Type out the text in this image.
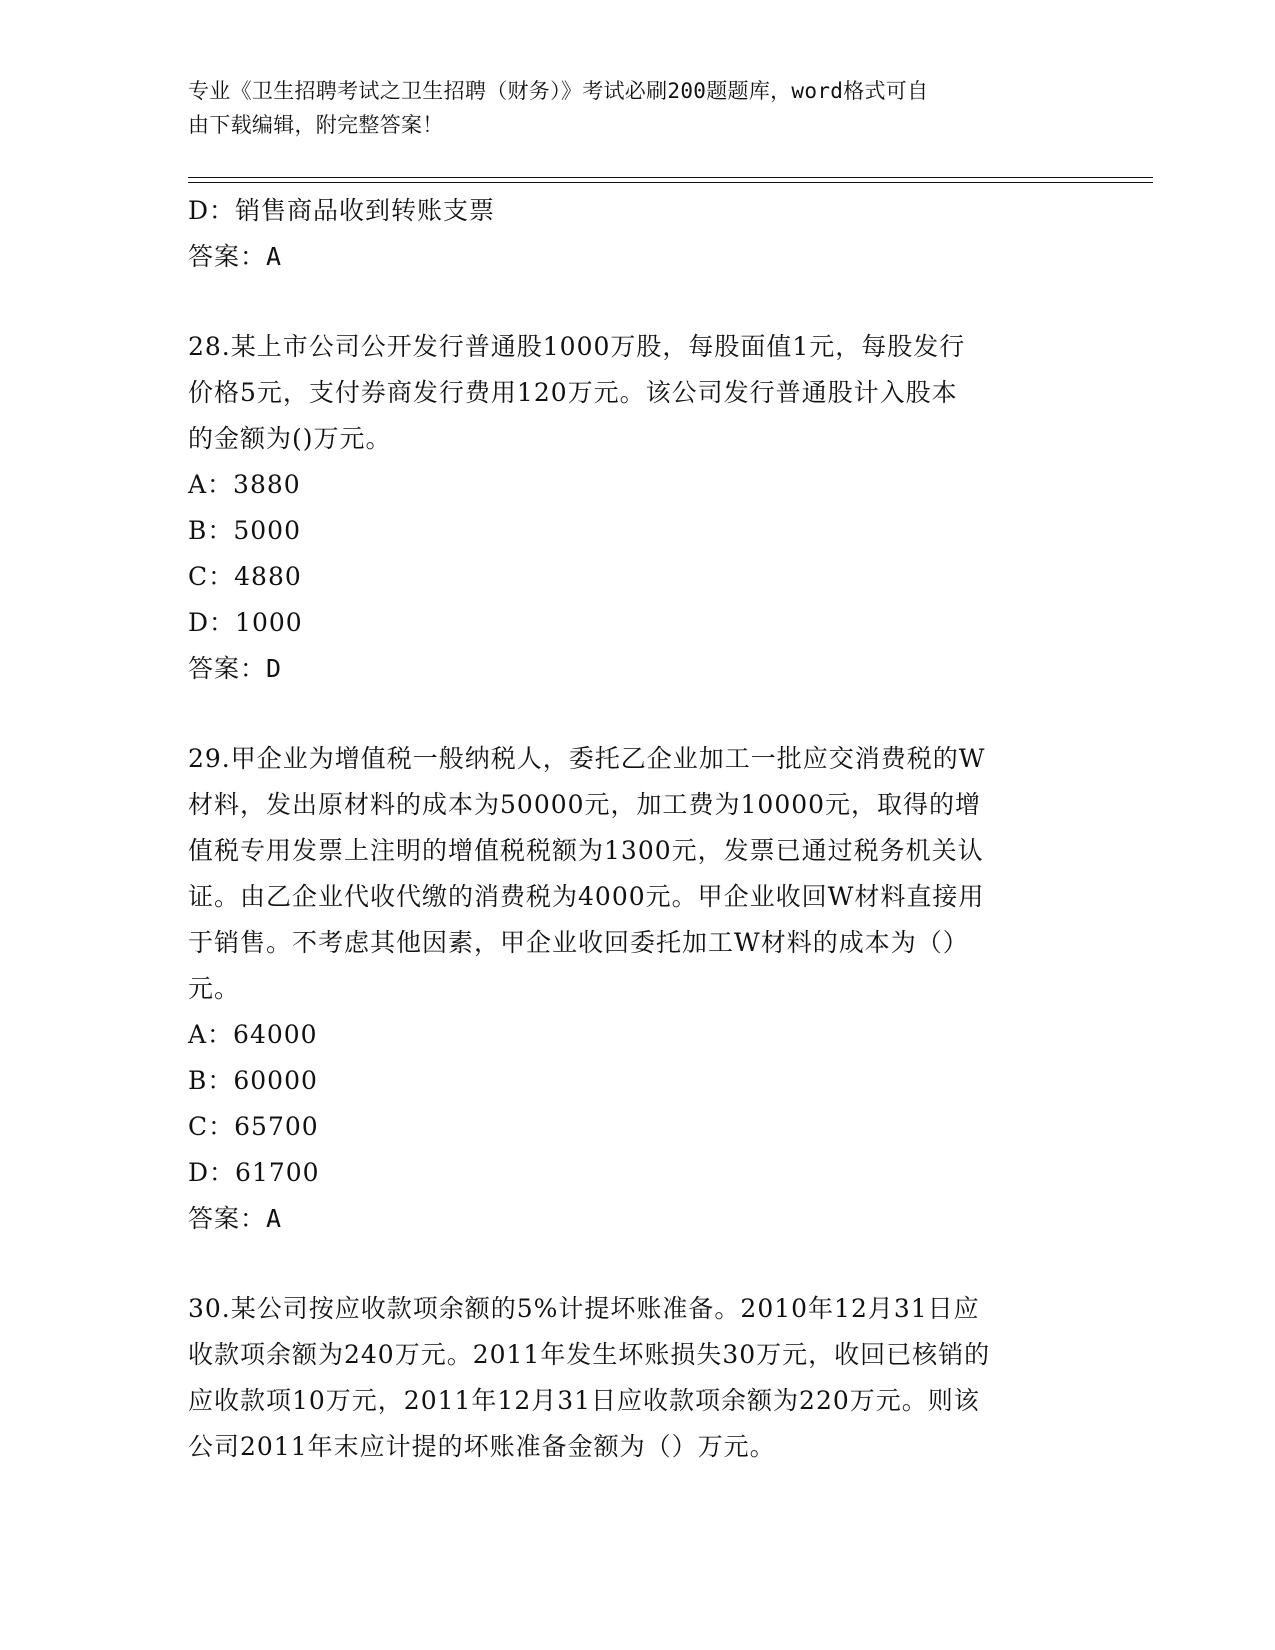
专业《卫生招聘考试之卫生招聘（财务）》考试必刷200题题库，word格式可自
由下载编辑，附完整答案！
D：销售商品收到转账支票
答案：A
28.某上市公司公开发行普通股1000万股，每股面值1元，每股发行
价格5元，支付券商发行费用120万元。该公司发行普通股计入股本
的金额为()万元。
A：3880
B：5000
C：4880
D：1000
答案：D
29.甲企业为增值税一般纳税人，委托乙企业加工一批应交消费税的W
材料，发出原材料的成本为50000元，加工费为10000元，取得的增
值税专用发票上注明的增值税税额为1300元，发票已通过税务机关认
证。由乙企业代收代缴的消费税为4000元。甲企业收回W材料直接用
于销售。不考虑其他因素，甲企业收回委托加工W材料的成本为（）
元。
A：64000
B：60000
C：65700
D：61700
答案：A
30.某公司按应收款项余额的5%计提坏账准备。2010年12月31日应
收款项余额为240万元。2011年发生坏账损失30万元，收回已核销的
应收款项10万元，2011年12月31日应收款项余额为220万元。则该
公司2011年末应计提的坏账准备金额为（）万元。
